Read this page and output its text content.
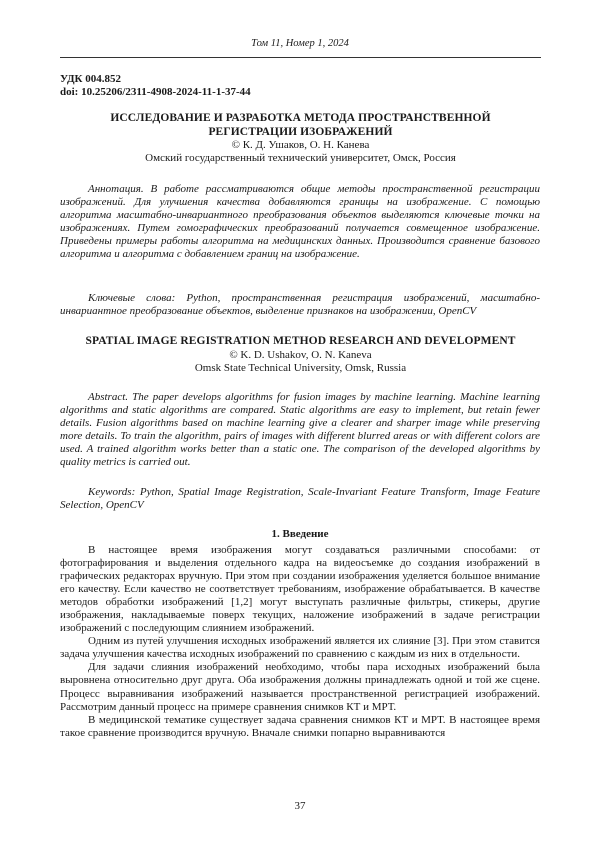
Том 11, Номер 1, 2024
УДК 004.852
doi: 10.25206/2311-4908-2024-11-1-37-44
ИССЛЕДОВАНИЕ И РАЗРАБОТКА МЕТОДА ПРОСТРАНСТВЕННОЙ
РЕГИСТРАЦИИ ИЗОБРАЖЕНИЙ
© К. Д. Ушаков, О. Н. Канева
Омский государственный технический университет, Омск, Россия
Аннотация. В работе рассматриваются общие методы пространственной регистрации изображений. Для улучшения качества добавляются границы на изображение. С помощью алгоритма масштабно-инвариантного преобразования объектов выделяются ключевые точки на изображениях. Путем гомографических преобразований получается совмещенное изображение. Приведены примеры работы алгоритма на медицинских данных. Производится сравнение базового алгоритма и алгоритма с добавлением границ на изображение.
Ключевые слова: Python, пространственная регистрация изображений, масштабно-инвариантное преобразование объектов, выделение признаков на изображении, OpenCV
SPATIAL IMAGE REGISTRATION METHOD RESEARCH AND DEVELOPMENT
© K. D. Ushakov, O. N. Kaneva
Omsk State Technical University, Omsk, Russia
Abstract. The paper develops algorithms for fusion images by machine learning. Machine learning algorithms and static algorithms are compared. Static algorithms are easy to implement, but retain fewer details. Fusion algorithms based on machine learning give a clearer and sharper image while preserving more details. To train the algorithm, pairs of images with different blurred areas or with different colors are used. A trained algorithm works better than a static one. The comparison of the developed algorithms by quality metrics is carried out.
Keywords: Python, Spatial Image Registration, Scale-Invariant Feature Transform, Image Feature Selection, OpenCV
1. Введение

В настоящее время изображения могут создаваться различными способами: от фотографирования и выделения отдельного кадра на видеосъемке до создания изображений в графических редакторах вручную. При этом при создании изображения уделяется большое внимание его качеству. Если качество не соответствует требованиям, изображение обрабатывается. В качестве методов обработки изображений [1,2] могут выступать различные фильтры, стикеры, другие изображения, накладываемые поверх текущих, наложение изображений в задаче регистрации изображений с последующим слиянием изображений.

Одним из путей улучшения исходных изображений является их слияние [3]. При этом ставится задача улучшения качества исходных изображений по сравнению с каждым из них в отдельности.

Для задачи слияния изображений необходимо, чтобы пара исходных изображений была выровнена относительно друг друга. Оба изображения должны принадлежать одной и той же сцене. Процесс выравнивания изображений называется пространственной регистрацией изображений. Рассмотрим данный процесс на примере сравнения снимков КТ и МРТ.

В медицинской тематике существует задача сравнения снимков КТ и МРТ. В настоящее время такое сравнение производится вручную. Вначале снимки попарно выравниваются

37
